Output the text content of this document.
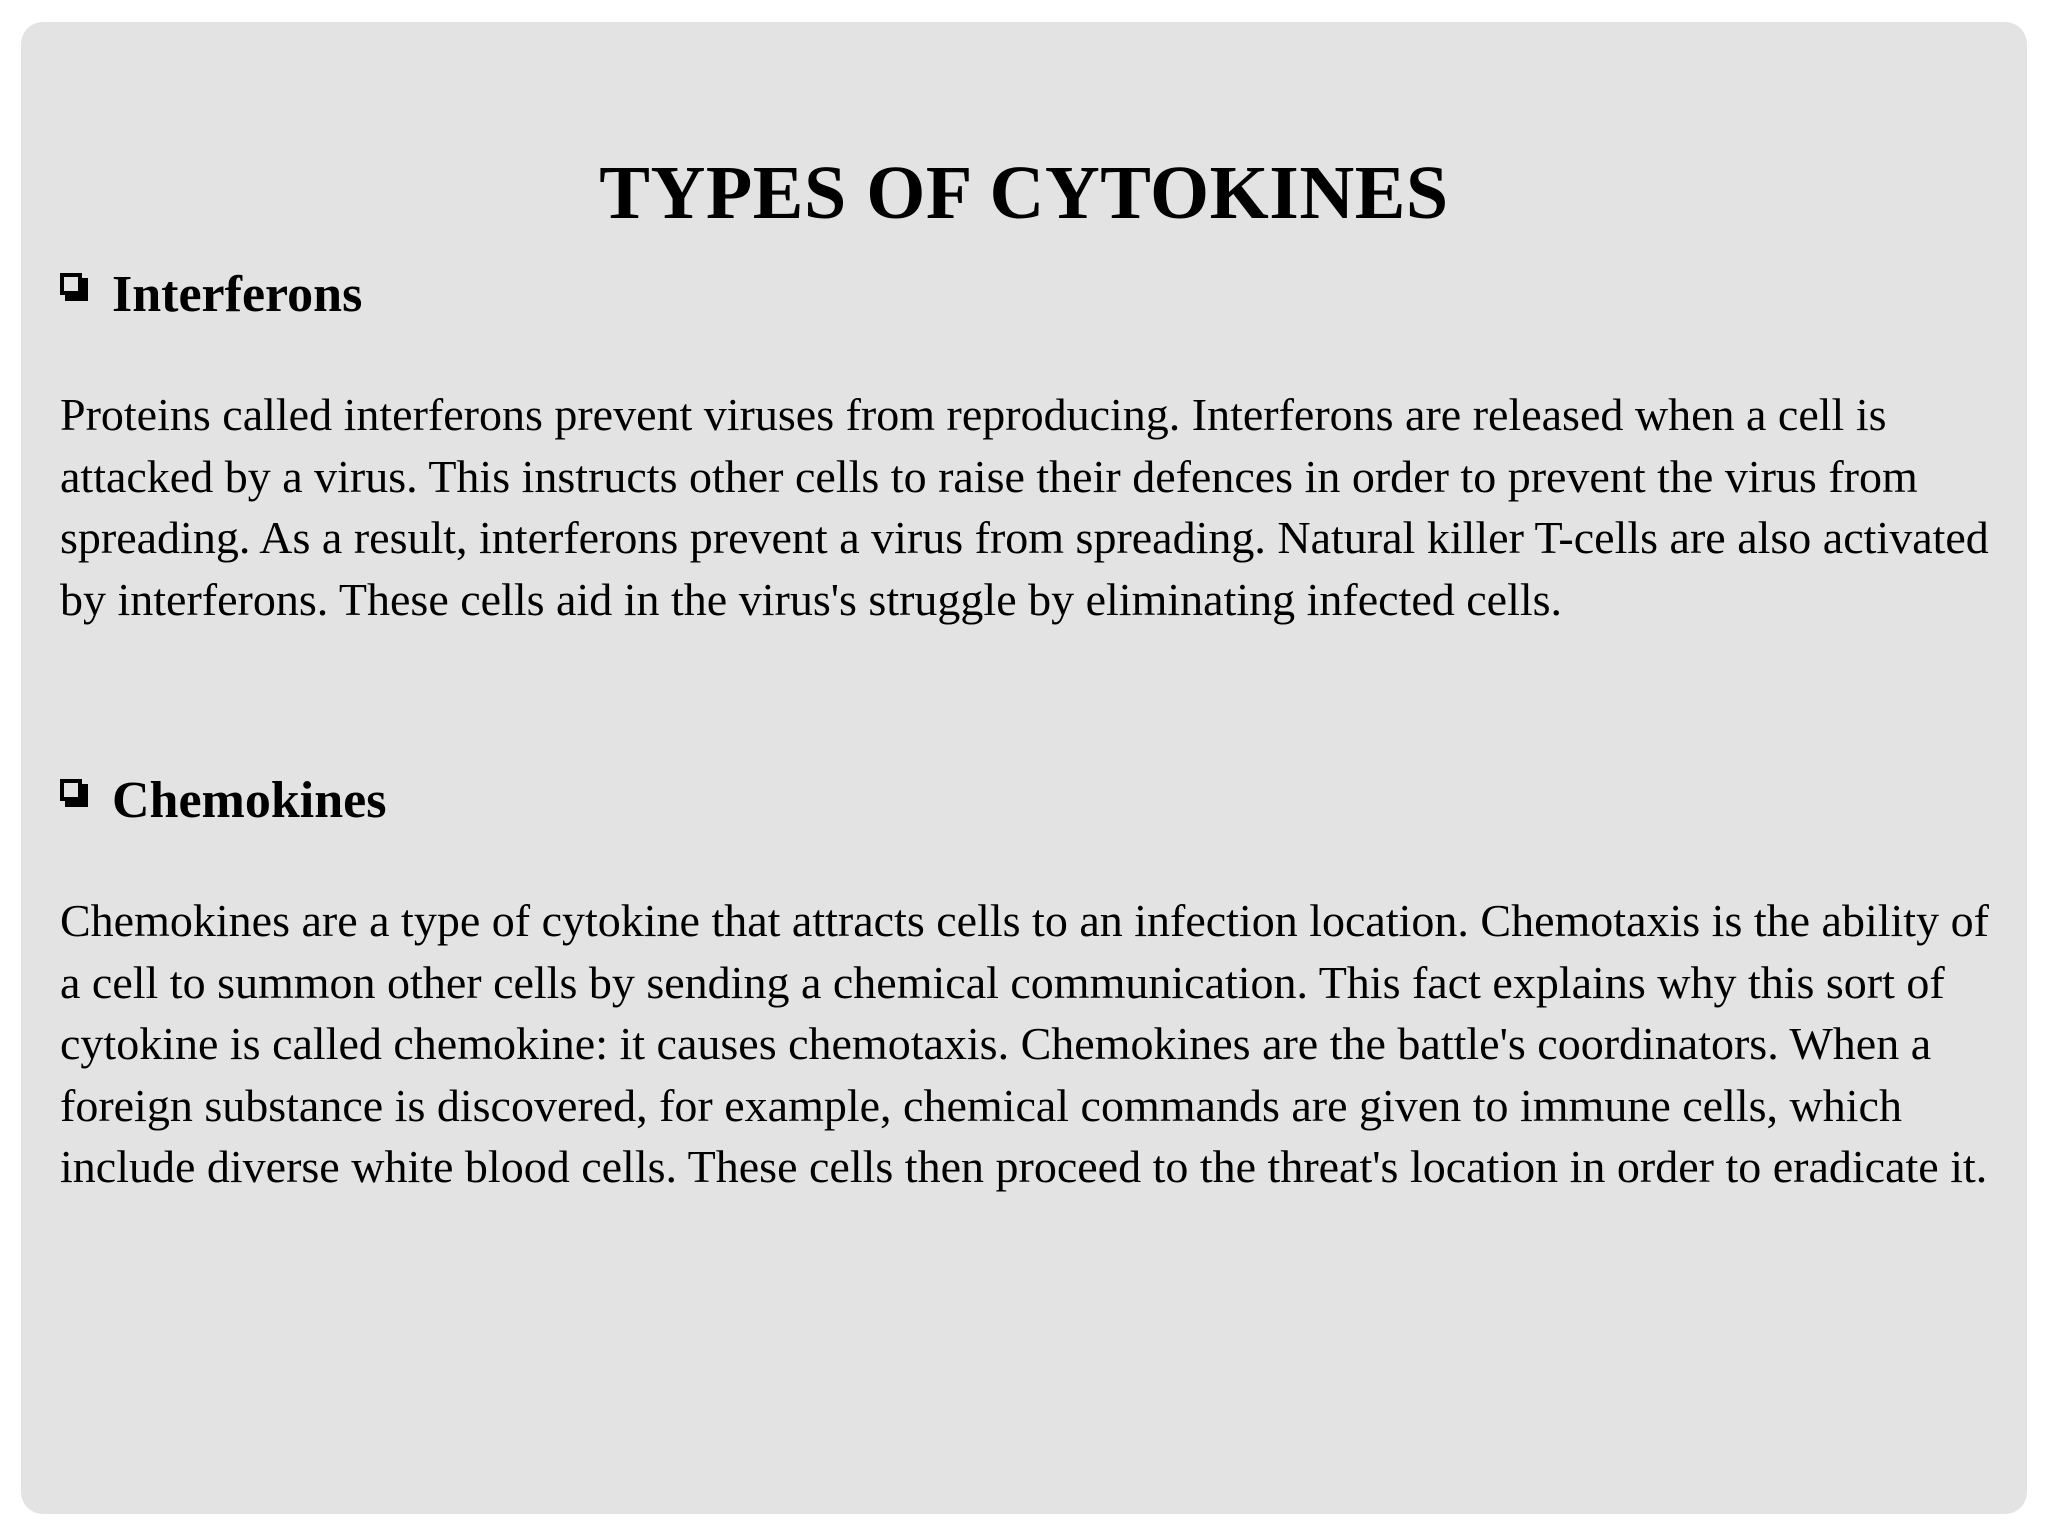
TYPES OF CYTOKINES
Interferons

Proteins called interferons prevent viruses from reproducing. Interferons are released when a cell is attacked by a virus. This instructs other cells to raise their defences in order to prevent the virus from spreading. As a result, interferons prevent a virus from spreading. Natural killer T-cells are also activated by interferons. These cells aid in the virus's struggle by eliminating infected cells.

Chemokines

Chemokines are a type of cytokine that attracts cells to an infection location. Chemotaxis is the ability of a cell to summon other cells by sending a chemical communication. This fact explains why this sort of cytokine is called chemokine: it causes chemotaxis. Chemokines are the battle's coordinators. When a foreign substance is discovered, for example, chemical commands are given to immune cells, which include diverse white blood cells. These cells then proceed to the threat's location in order to eradicate it.
